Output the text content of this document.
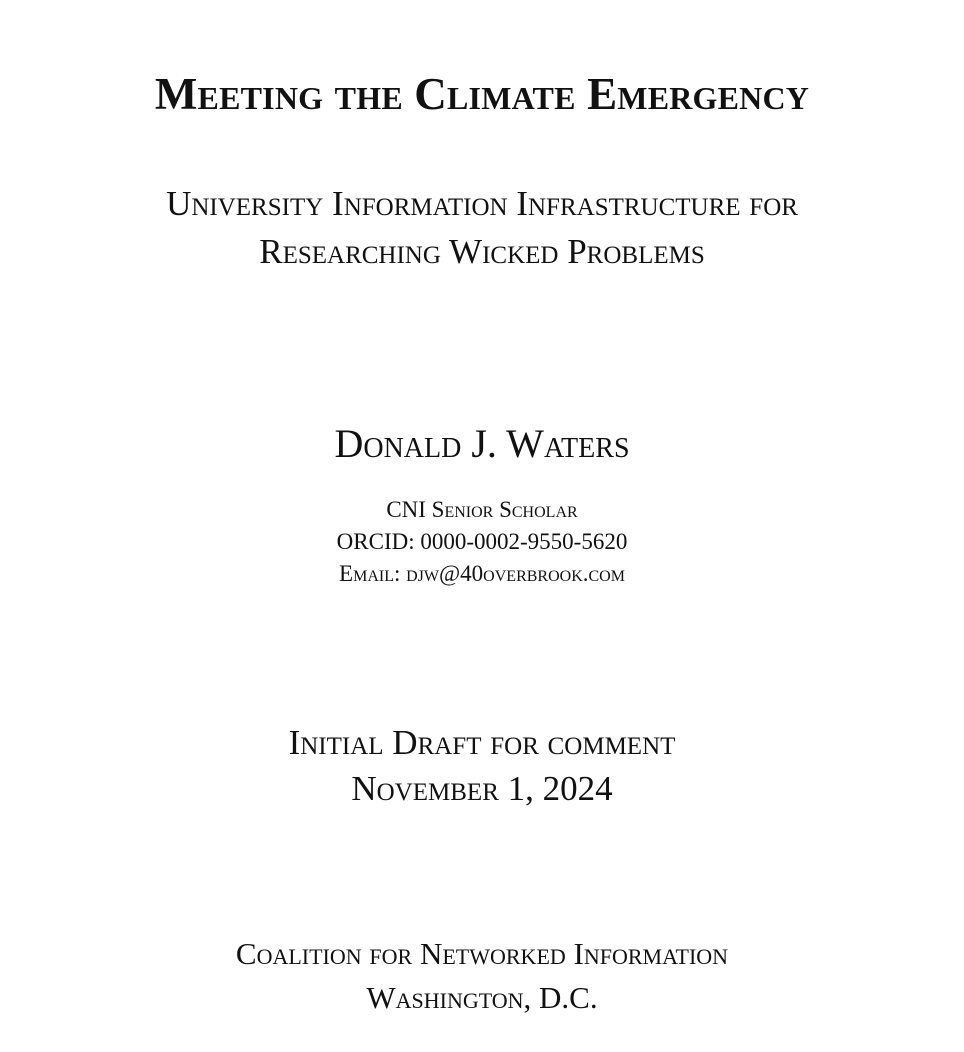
Meeting the Climate Emergency
University Information Infrastructure for
Researching Wicked Problems
Donald J. Waters
CNI Senior Scholar
ORCID: 0000-0002-9550-5620
Email: djw@40overbrook.com
Initial Draft for comment
November 1, 2024
Coalition for Networked Information
Washington, D.C.
